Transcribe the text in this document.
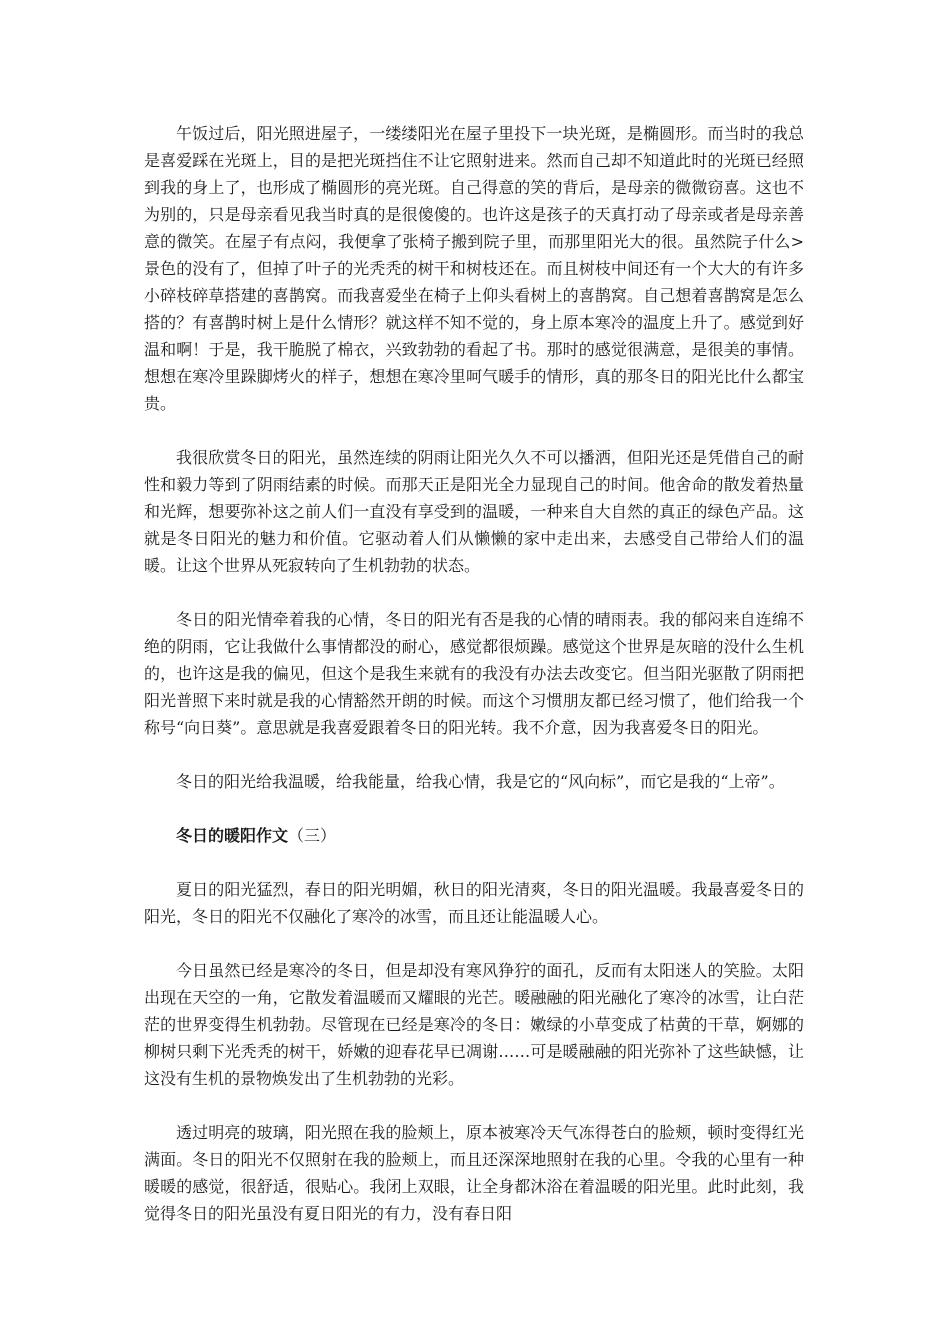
午饭过后，阳光照进屋子，一缕缕阳光在屋子里投下一块光斑，是椭圆形。而当时的我总是喜爱踩在光斑上，目的是把光斑挡住不让它照射进来。然而自己却不知道此时的光斑已经照到我的身上了，也形成了椭圆形的亮光斑。自己得意的笑的背后，是母亲的微微窃喜。这也不为别的，只是母亲看见我当时真的是很傻傻的。也许这是孩子的天真打动了母亲或者是母亲善意的微笑。在屋子有点闷，我便拿了张椅子搬到院子里，而那里阳光大的很。虽然院子什么>景色的没有了，但掉了叶子的光秃秃的树干和树枝还在。而且树枝中间还有一个大大的有许多小碎枝碎草搭建的喜鹊窝。而我喜爱坐在椅子上仰头看树上的喜鹊窝。自己想着喜鹊窝是怎么搭的？有喜鹊时树上是什么情形？就这样不知不觉的，身上原本寒冷的温度上升了。感觉到好温和啊！于是，我干脆脱了棉衣，兴致勃勃的看起了书。那时的感觉很满意，是很美的事情。想想在寒冷里跺脚烤火的样子，想想在寒冷里呵气暖手的情形，真的那冬日的阳光比什么都宝贵。

我很欣赏冬日的阳光，虽然连续的阴雨让阳光久久不可以播洒，但阳光还是凭借自己的耐性和毅力等到了阴雨结素的时候。而那天正是阳光全力显现自己的时间。他舍命的散发着热量和光辉，想要弥补这之前人们一直没有享受到的温暖，一种来自大自然的真正的绿色产品。这就是冬日阳光的魅力和价值。它驱动着人们从懒懒的家中走出来，去感受自己带给人们的温暖。让这个世界从死寂转向了生机勃勃的状态。

冬日的阳光情牵着我的心情，冬日的阳光有否是我的心情的晴雨表。我的郁闷来自连绵不绝的阴雨，它让我做什么事情都没的耐心，感觉都很烦躁。感觉这个世界是灰暗的没什么生机的，也许这是我的偏见，但这个是我生来就有的我没有办法去改变它。但当阳光驱散了阴雨把阳光普照下来时就是我的心情豁然开朗的时候。而这个习惯朋友都已经习惯了，他们给我一个称号“向日葵”。意思就是我喜爱跟着冬日的阳光转。我不介意，因为我喜爱冬日的阳光。

冬日的阳光给我温暖，给我能量，给我心情，我是它的“风向标”，而它是我的“上帝”。

冬日的暖阳作文（三）

夏日的阳光猛烈，春日的阳光明媚，秋日的阳光清爽，冬日的阳光温暖。我最喜爱冬日的阳光，冬日的阳光不仅融化了寒冷的冰雪，而且还让能温暖人心。

今日虽然已经是寒冷的冬日，但是却没有寒风狰狞的面孔，反而有太阳迷人的笑脸。太阳出现在天空的一角，它散发着温暖而又耀眼的光芒。暖融融的阳光融化了寒冷的冰雪，让白茫茫的世界变得生机勃勃。尽管现在已经是寒冷的冬日：嫩绿的小草变成了枯黄的干草，婀娜的柳树只剩下光秃秃的树干，娇嫩的迎春花早已凋谢……可是暖融融的阳光弥补了这些缺憾，让这没有生机的景物焕发出了生机勃勃的光彩。

透过明亮的玻璃，阳光照在我的脸颊上，原本被寒冷天气冻得苍白的脸颊，顿时变得红光满面。冬日的阳光不仅照射在我的脸颊上，而且还深深地照射在我的心里。令我的心里有一种暖暖的感觉，很舒适，很贴心。我闭上双眼，让全身都沐浴在着温暖的阳光里。此时此刻，我觉得冬日的阳光虽没有夏日阳光的有力，没有春日阳
